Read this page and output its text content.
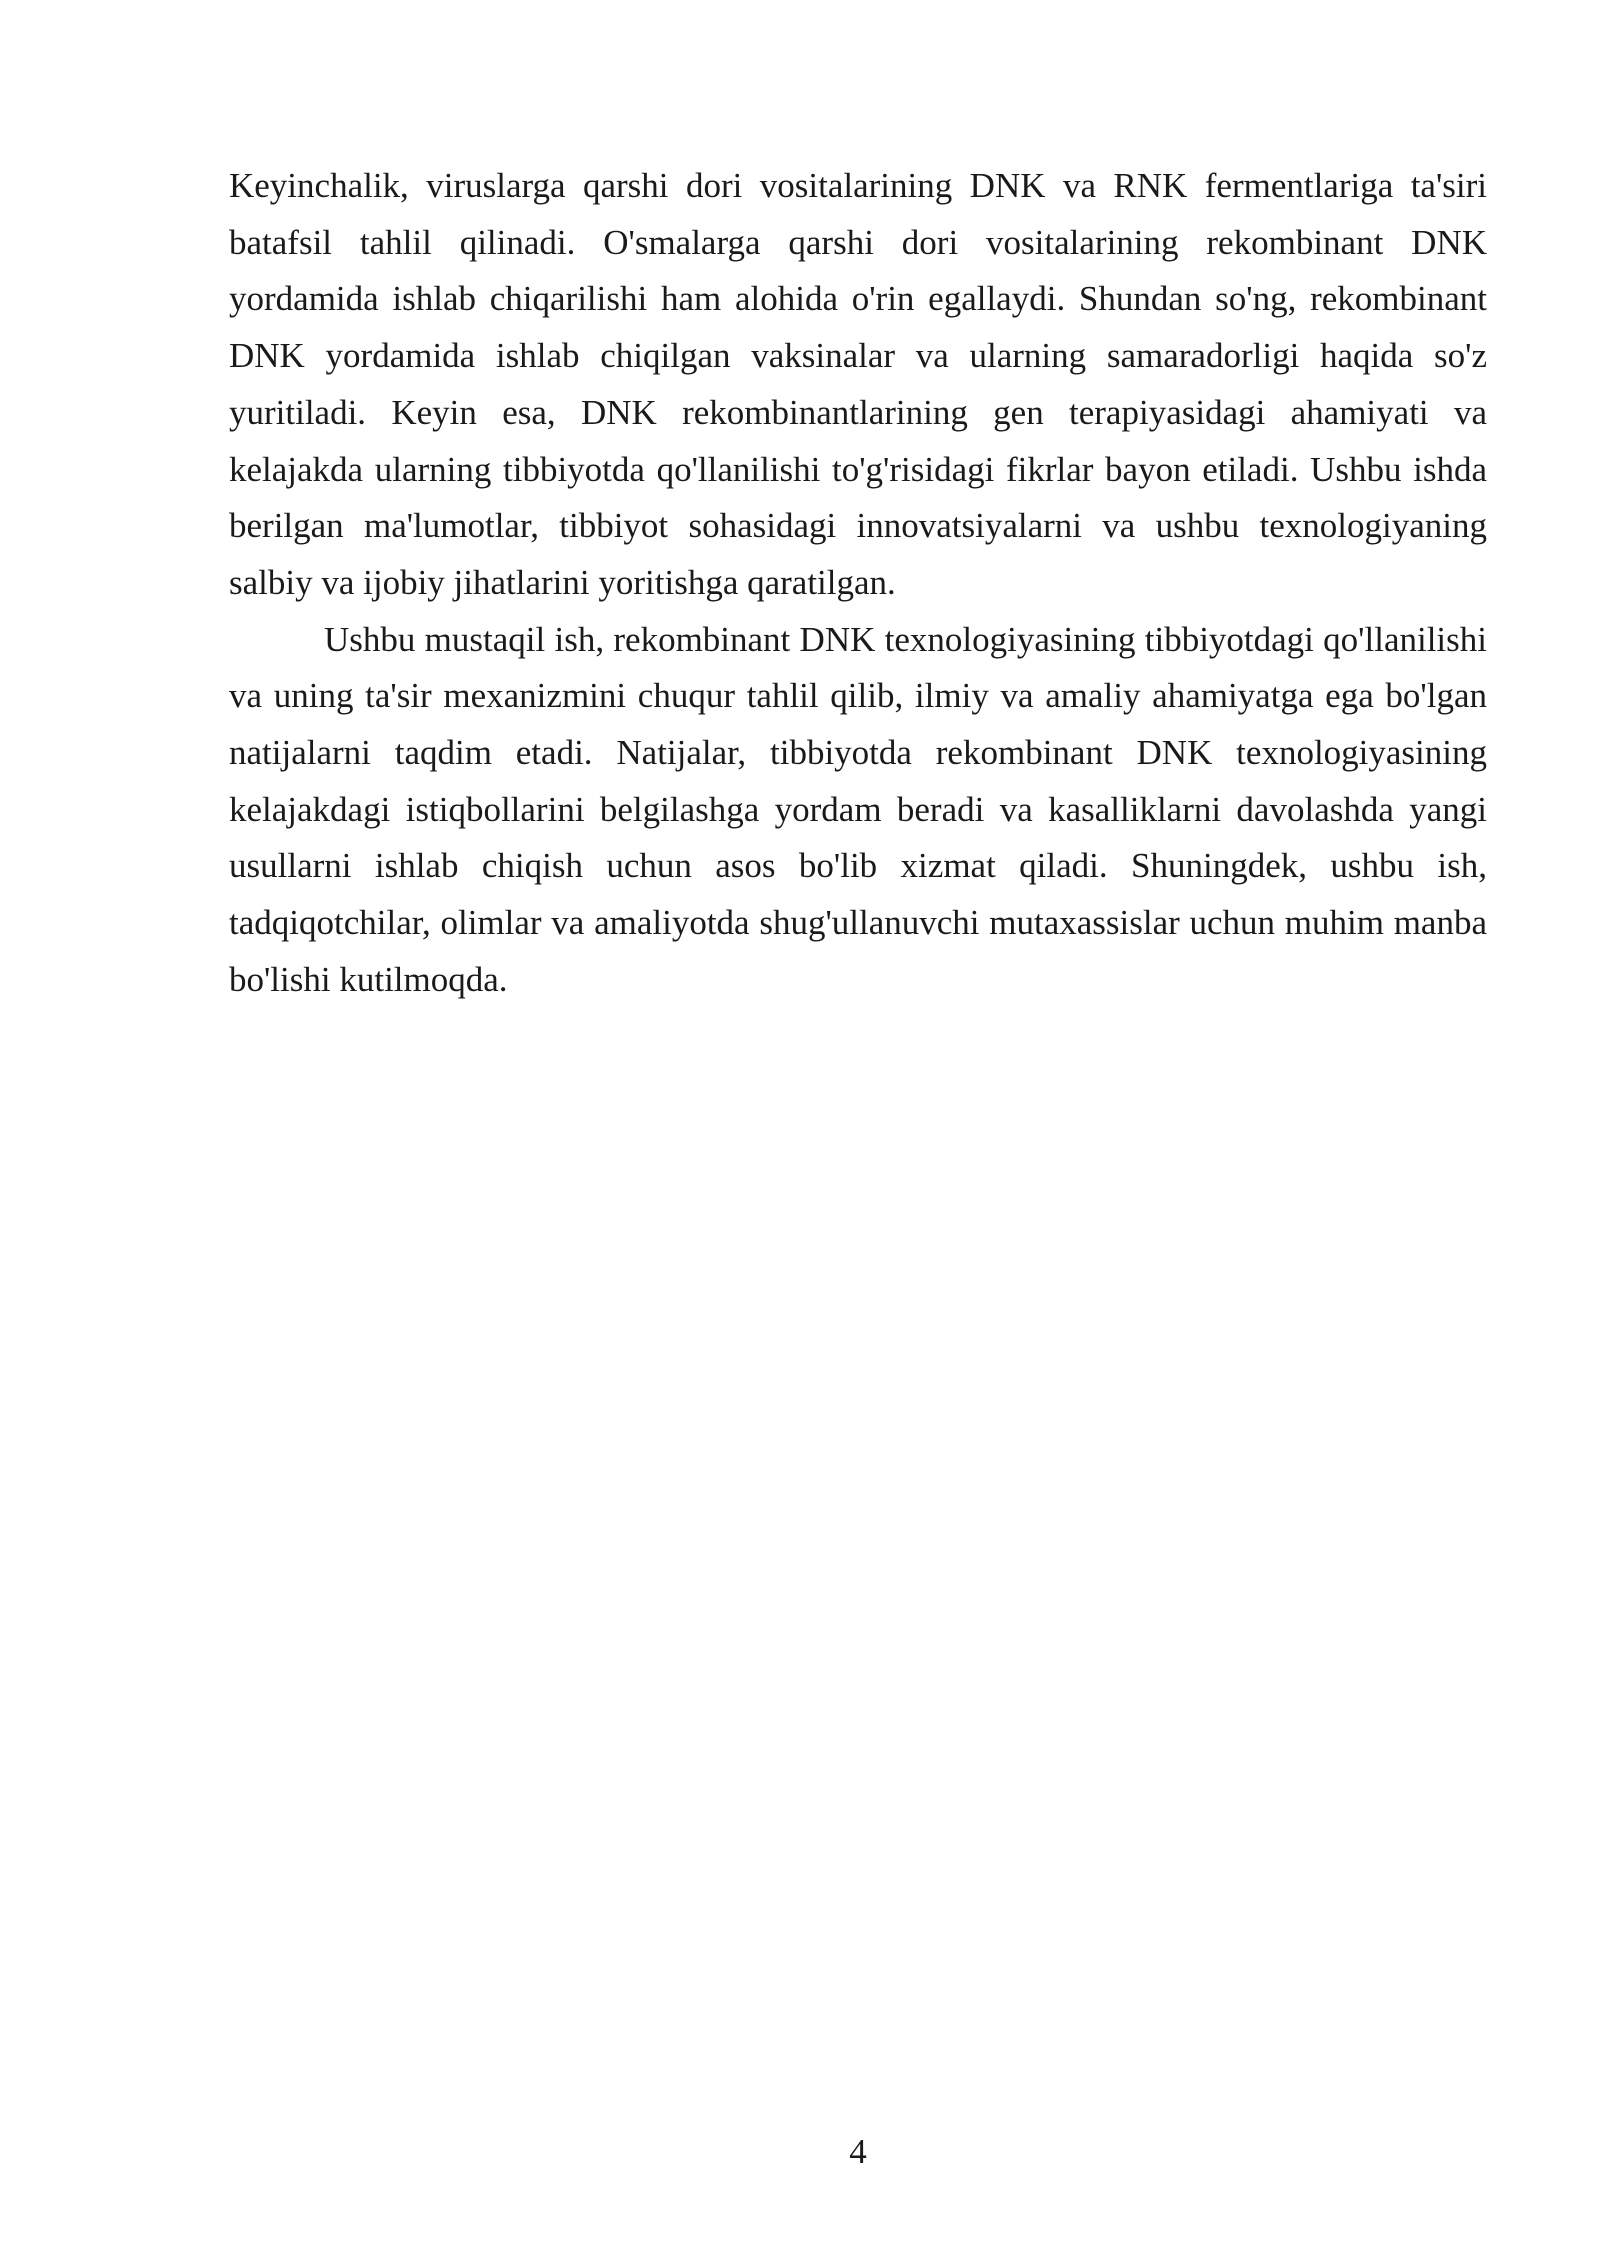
Keyinchalik, viruslarga qarshi dori vositalarining DNK va RNK fermentlariga ta'siri batafsil tahlil qilinadi. O'smalarga qarshi dori vositalarining rekombinant DNK yordamida ishlab chiqarilishi ham alohida o'rin egallaydi. Shundan so'ng, rekombinant DNK yordamida ishlab chiqilgan vaksinalar va ularning samaradorligi haqida so'z yuritiladi. Keyin esa, DNK rekombinantlarining gen terapiyasidagi ahamiyati va kelajakda ularning tibbiyotda qo'llanilishi to'g'risidagi fikrlar bayon etiladi. Ushbu ishda berilgan ma'lumotlar, tibbiyot sohasidagi innovatsiyalarni va ushbu texnologiyaning salbiy va ijobiy jihatlarini yoritishga qaratilgan.

Ushbu mustaqil ish, rekombinant DNK texnologiyasining tibbiyotdagi qo'llanilishi va uning ta'sir mexanizmini chuqur tahlil qilib, ilmiy va amaliy ahamiyatga ega bo'lgan natijalarni taqdim etadi. Natijalar, tibbiyotda rekombinant DNK texnologiyasining kelajakdagi istiqbollarini belgilashga yordam beradi va kasalliklarni davolashda yangi usullarni ishlab chiqish uchun asos bo'lib xizmat qiladi. Shuningdek, ushbu ish, tadqiqotchilar, olimlar va amaliyotda shug'ullanuvchi mutaxassislar uchun muhim manba bo'lishi kutilmoqda.

4
